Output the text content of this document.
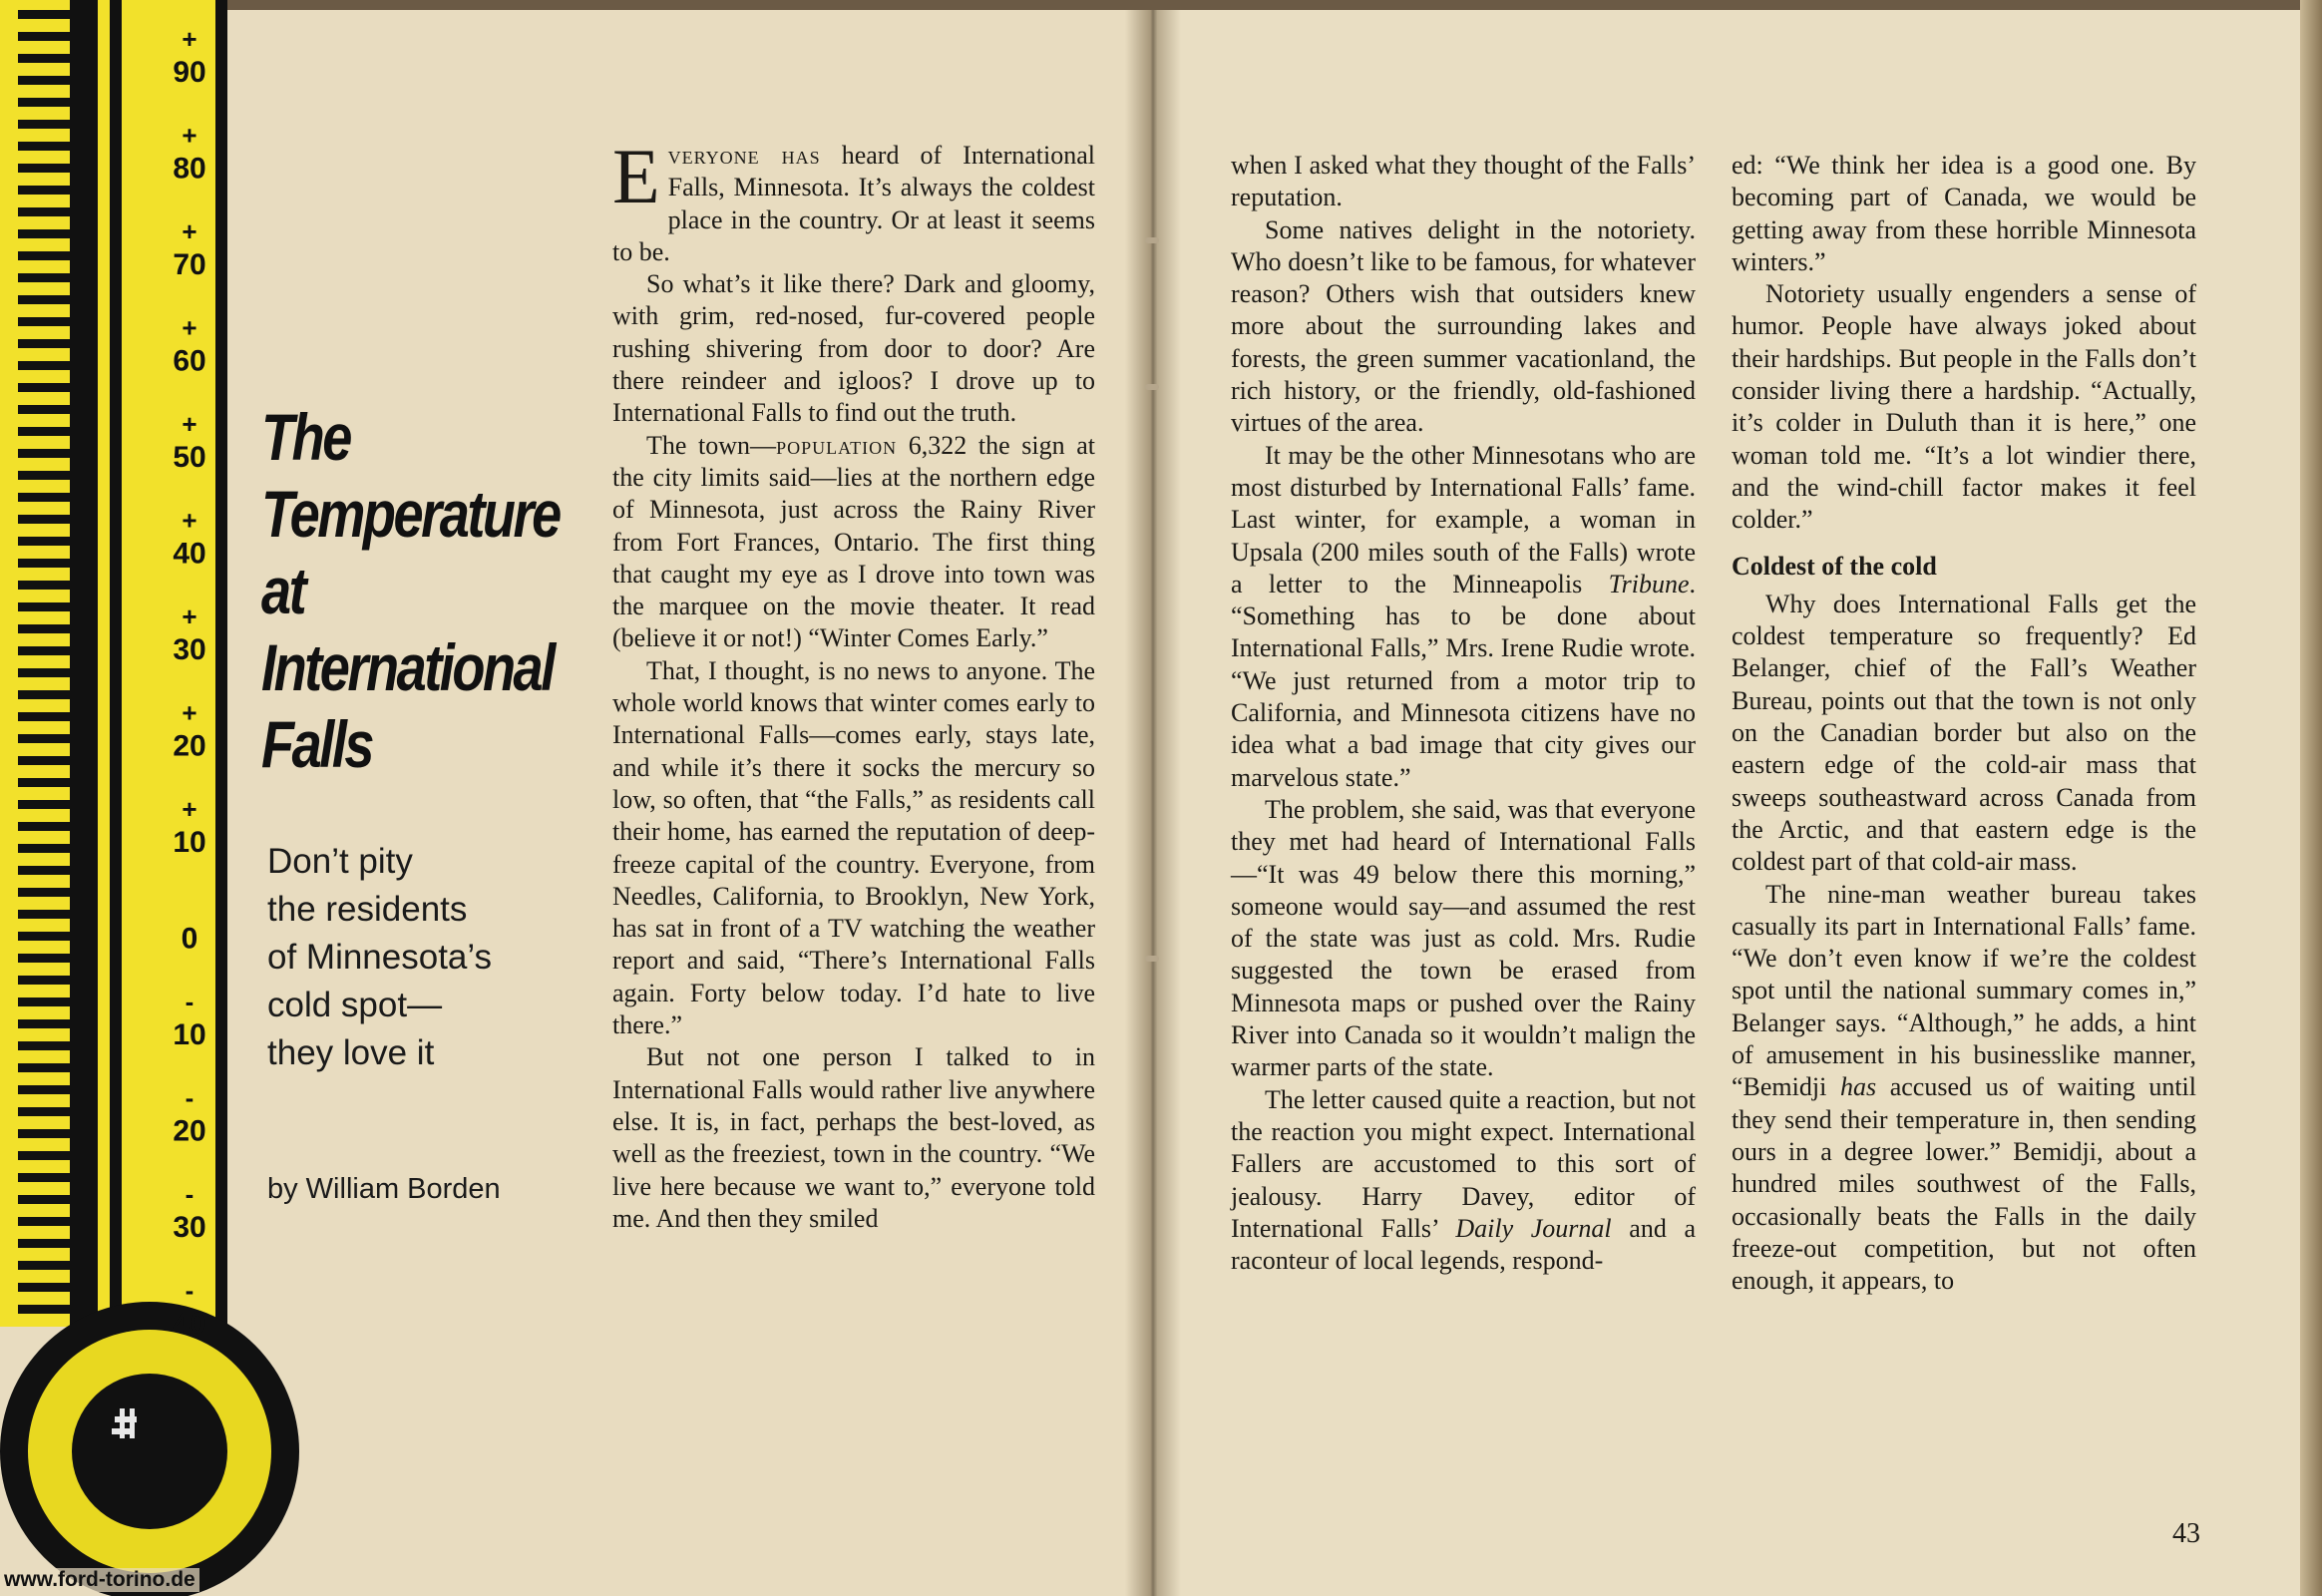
+
90
+
80
+
70
+
60
+
50
+
40
+
30
+
20
+
10
0
-
10
-
20
-
30
-
40
The
Temperature
at
International
Falls
Don’t pity
the residents
of Minnesota’s
cold spot—
they love it
by William Borden

Everyone has heard of International Falls, Minnesota. It’s always the coldest place in the country. Or at least it seems to be.

So what’s it like there? Dark and gloomy, with grim, red-nosed, fur-covered people rushing shivering from door to door? Are there reindeer and igloos? I drove up to International Falls to find out the truth.

The town—population 6,322 the sign at the city limits said—lies at the northern edge of Minnesota, just across the Rainy River from Fort Frances, Ontario. The first thing that caught my eye as I drove into town was the marquee on the movie theater. It read (believe it or not!) “Winter Comes Early.”

That, I thought, is no news to anyone. The whole world knows that winter comes early to International Falls—comes early, stays late, and while it’s there it socks the mercury so low, so often, that “the Falls,” as residents call their home, has earned the reputation of deep-freeze capital of the country. Everyone, from Needles, California, to Brooklyn, New York, has sat in front of a TV watching the weather report and said, “There’s International Falls again. Forty below today. I’d hate to live there.”

But not one person I talked to in International Falls would rather live anywhere else. It is, in fact, perhaps the best-loved, as well as the freeziest, town in the country. “We live here because we want to,” everyone told me. And then they smiled

when I asked what they thought of the Falls’ reputation.

Some natives delight in the notoriety. Who doesn’t like to be famous, for whatever reason? Others wish that outsiders knew more about the surrounding lakes and forests, the green summer vacationland, the rich history, or the friendly, old-fashioned virtues of the area.

It may be the other Minnesotans who are most disturbed by International Falls’ fame. Last winter, for example, a woman in Upsala (200 miles south of the Falls) wrote a letter to the Minneapolis Tribune. “Something has to be done about International Falls,” Mrs. Irene Rudie wrote. “We just returned from a motor trip to California, and Minnesota citizens have no idea what a bad image that city gives our marvelous state.”

The problem, she said, was that everyone they met had heard of International Falls—“It was 49 below there this morning,” someone would say—and assumed the rest of the state was just as cold. Mrs. Rudie suggested the town be erased from Minnesota maps or pushed over the Rainy River into Canada so it wouldn’t malign the warmer parts of the state.

The letter caused quite a reaction, but not the reaction you might expect. International Fallers are accustomed to this sort of jealousy. Harry Davey, editor of International Falls’ Daily Journal and a raconteur of local legends, respond-

ed: “We think her idea is a good one. By becoming part of Canada, we would be getting away from these horrible Minnesota winters.”

Notoriety usually engenders a sense of humor. People have always joked about their hardships. But people in the Falls don’t consider living there a hardship. “Actually, it’s colder in Duluth than it is here,” one woman told me. “It’s a lot windier there, and the wind-chill factor makes it feel colder.”

Coldest of the cold

Why does International Falls get the coldest temperature so frequently? Ed Belanger, chief of the Fall’s Weather Bureau, points out that the town is not only on the Canadian border but also on the eastern edge of the cold-air mass that sweeps southeastward across Canada from the Arctic, and that eastern edge is the coldest part of that cold-air mass.

The nine-man weather bureau takes casually its part in International Falls’ fame. “We don’t even know if we’re the coldest spot until the national summary comes in,” Belanger says. “Although,” he adds, a hint of amusement in his businesslike manner, “Bemidji has accused us of waiting until they send their temperature in, then sending ours in a degree lower.” Bemidji, about a hundred miles southwest of the Falls, occasionally beats the Falls in the daily freeze-out competition, but not often enough, it appears, to

43
www.ford-torino.de
